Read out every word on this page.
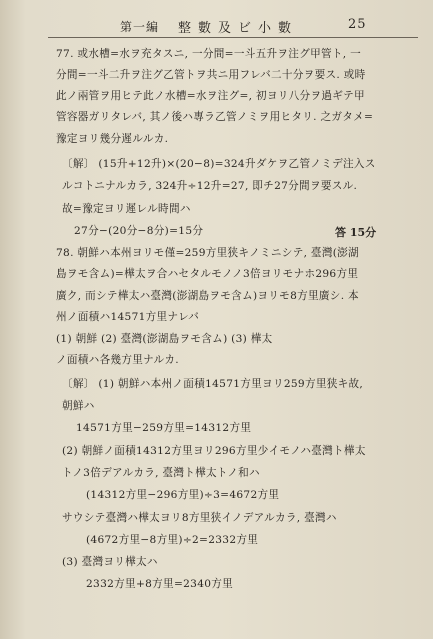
第一編 整數及ビ小數	25
77. 或水槽=水ヲ充タスニ, 一分間=一斗五升ヲ注グ甲管ト, 一
分間=一斗二升ヲ注グ乙管トヲ共ニ用フレバ二十分ヲ要ス. 或時
此ノ兩管ヲ用ヒテ此ノ水槽=水ヲ注グ=, 初ヨリ八分ヲ過ギテ甲
管容器ガリタレバ, 其ノ後ハ專ラ乙管ノミヲ用ヒタリ. 之ガタメ=
豫定ヨリ幾分遲ルルカ.
〔解〕 (15升+12升)×(20−8)=324升ダケヲ乙管ノミデ注入ス
ルコトニナルカラ, 324升÷12升=27, 即チ27分間ヲ要スル.
故=豫定ヨリ遲レル時間ハ
27分−(20分−8分)=15分	答 15分
78. 朝鮮ハ本州ヨリモ僅=259方里狭キノミニシテ, 臺灣(澎湖
島ヲモ含ム)=樺太ヲ合ハセタルモノノ3倍ヨリモナホ296方里
廣ク, 而シテ樺太ハ臺灣(澎湖島ヲモ含ム)ヨリモ8方里廣シ. 本
州ノ面積ハ14571方里ナレバ
(1) 朝鮮 (2) 臺灣(澎湖島ヲモ含ム) (3) 樺太
ノ面積ハ各幾方里ナルカ.
〔解〕 (1) 朝鮮ハ本州ノ面積14571方里ヨリ259方里狭キ故,
朝鮮ハ
14571方里−259方里=14312方里
(2) 朝鮮ノ面積14312方里ヨリ296方里少イモノハ臺灣ト樺太
トノ3倍デアルカラ, 臺灣ト樺太トノ和ハ
(14312方里−296方里)÷3=4672方里
サウシテ臺灣ハ樺太ヨリ8方里狭イノデアルカラ, 臺灣ハ
(4672方里−8方里)÷2=2332方里
(3) 臺灣ヨリ樺太ハ
2332方里+8方里=2340方里
